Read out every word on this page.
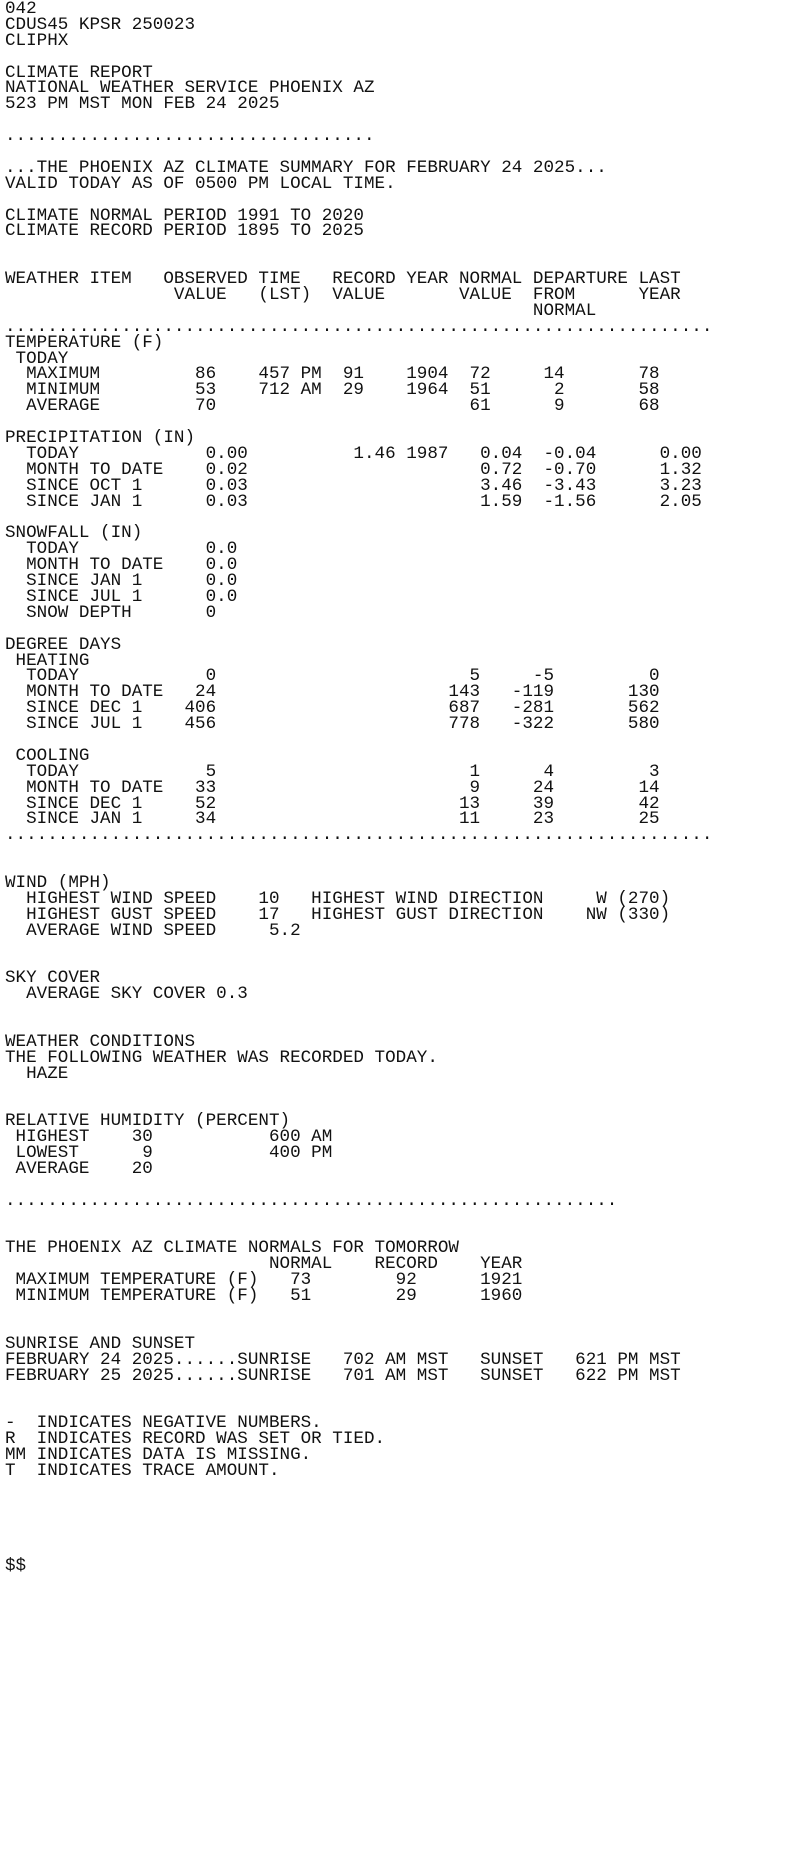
042
CDUS45 KPSR 250023
CLIPHX

CLIMATE REPORT
NATIONAL WEATHER SERVICE PHOENIX AZ
523 PM MST MON FEB 24 2025

...................................

...THE PHOENIX AZ CLIMATE SUMMARY FOR FEBRUARY 24 2025...
VALID TODAY AS OF 0500 PM LOCAL TIME.

CLIMATE NORMAL PERIOD 1991 TO 2020
CLIMATE RECORD PERIOD 1895 TO 2025

WEATHER ITEM   OBSERVED TIME   RECORD YEAR NORMAL DEPARTURE LAST
VALUE   (LST)  VALUE       VALUE  FROM      YEAR
NORMAL
...................................................................
TEMPERATURE (F)
TODAY
MAXIMUM         86    457 PM  91    1904  72     14       78
MINIMUM         53    712 AM  29    1964  51      2       58
AVERAGE         70                        61      9       68

PRECIPITATION (IN)
TODAY            0.00          1.46 1987   0.04  -0.04      0.00
MONTH TO DATE    0.02                      0.72  -0.70      1.32
SINCE OCT 1      0.03                      3.46  -3.43      3.23
SINCE JAN 1      0.03                      1.59  -1.56      2.05

SNOWFALL (IN)
TODAY            0.0
MONTH TO DATE    0.0
SINCE JAN 1      0.0
SINCE JUL 1      0.0
SNOW DEPTH       0

DEGREE DAYS
HEATING
TODAY            0                        5     -5         0
MONTH TO DATE   24                      143   -119       130
SINCE DEC 1    406                      687   -281       562
SINCE JUL 1    456                      778   -322       580

COOLING
TODAY            5                        1      4         3
MONTH TO DATE   33                        9     24        14
SINCE DEC 1     52                       13     39        42
SINCE JAN 1     34                       11     23        25
...................................................................

WIND (MPH)
HIGHEST WIND SPEED    10   HIGHEST WIND DIRECTION     W (270)
HIGHEST GUST SPEED    17   HIGHEST GUST DIRECTION    NW (330)
AVERAGE WIND SPEED     5.2

SKY COVER
AVERAGE SKY COVER 0.3

WEATHER CONDITIONS
THE FOLLOWING WEATHER WAS RECORDED TODAY.
HAZE

RELATIVE HUMIDITY (PERCENT)
HIGHEST    30           600 AM
LOWEST      9           400 PM
AVERAGE    20

..........................................................

THE PHOENIX AZ CLIMATE NORMALS FOR TOMORROW
NORMAL    RECORD    YEAR
MAXIMUM TEMPERATURE (F)   73        92      1921
MINIMUM TEMPERATURE (F)   51        29      1960

SUNRISE AND SUNSET
FEBRUARY 24 2025......SUNRISE   702 AM MST   SUNSET   621 PM MST
FEBRUARY 25 2025......SUNRISE   701 AM MST   SUNSET   622 PM MST

-  INDICATES NEGATIVE NUMBERS.
R  INDICATES RECORD WAS SET OR TIED.
MM INDICATES DATA IS MISSING.
T  INDICATES TRACE AMOUNT.

$$
